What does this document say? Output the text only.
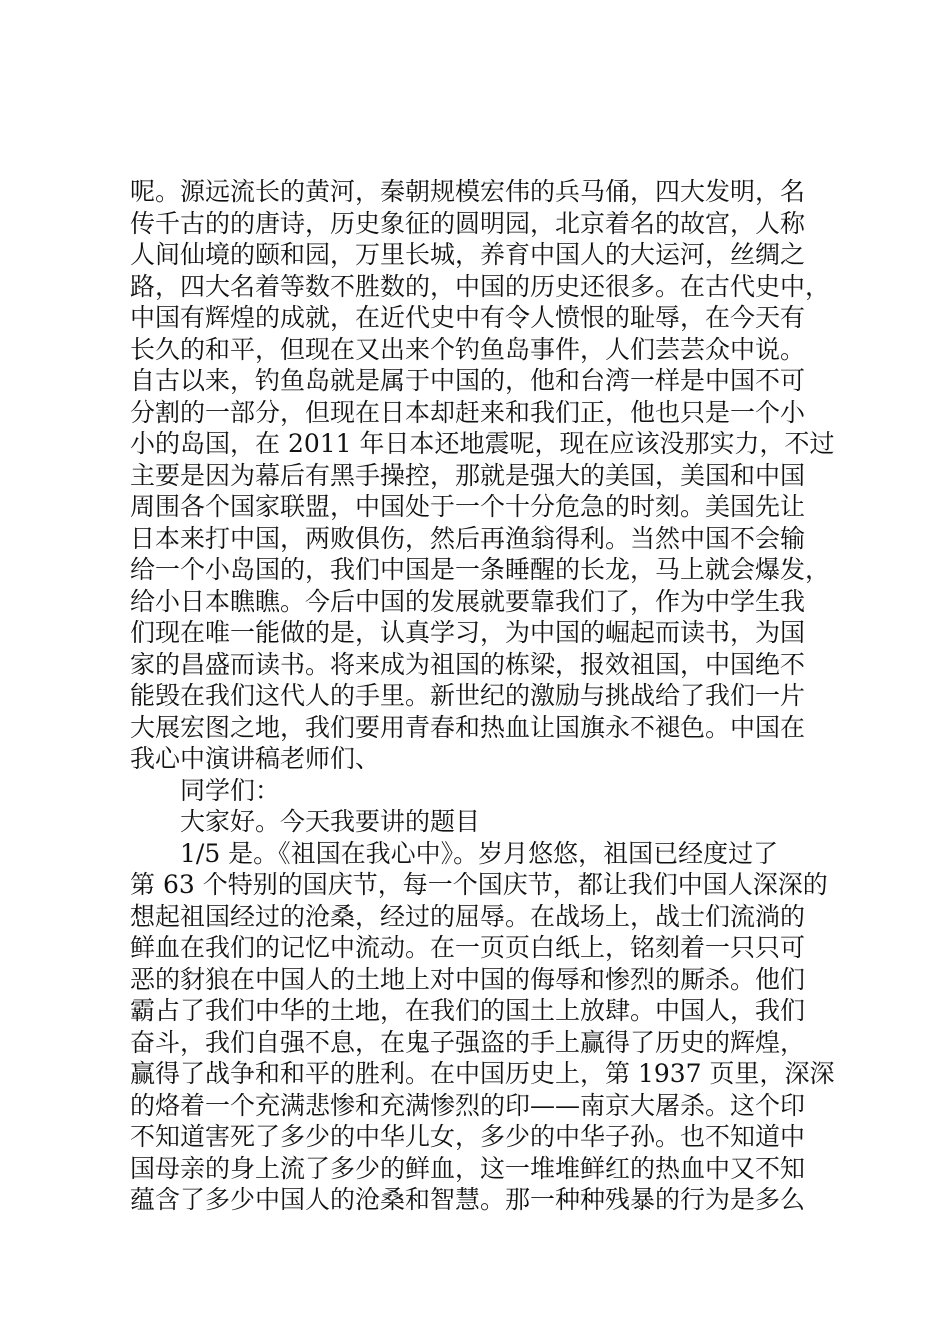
呢。源远流长的黄河，秦朝规模宏伟的兵马俑，四大发明，名
传千古的的唐诗，历史象征的圆明园，北京着名的故宫，人称
人间仙境的颐和园，万里长城，养育中国人的大运河，丝绸之
路，四大名着等数不胜数的，中国的历史还很多。在古代史中，
中国有辉煌的成就，在近代史中有令人愤恨的耻辱，在今天有
长久的和平，但现在又出来个钓鱼岛事件，人们芸芸众中说。
自古以来，钓鱼岛就是属于中国的，他和台湾一样是中国不可
分割的一部分，但现在日本却赶来和我们正，他也只是一个小
小的岛国，在 2011 年日本还地震呢，现在应该没那实力，不过
主要是因为幕后有黑手操控，那就是强大的美国，美国和中国
周围各个国家联盟，中国处于一个十分危急的时刻。美国先让
日本来打中国，两败俱伤，然后再渔翁得利。当然中国不会输
给一个小岛国的，我们中国是一条睡醒的长龙，马上就会爆发，
给小日本瞧瞧。今后中国的发展就要靠我们了，作为中学生我
们现在唯一能做的是，认真学习，为中国的崛起而读书，为国
家的昌盛而读书。将来成为祖国的栋梁，报效祖国，中国绝不
能毁在我们这代人的手里。新世纪的激励与挑战给了我们一片
大展宏图之地，我们要用青春和热血让国旗永不褪色。中国在
我心中演讲稿老师们、
同学们：
大家好。今天我要讲的题目
1/5 是。《祖国在我心中》。岁月悠悠，祖国已经度过了
第 63 个特别的国庆节，每一个国庆节，都让我们中国人深深的
想起祖国经过的沧桑，经过的屈辱。在战场上，战士们流淌的
鲜血在我们的记忆中流动。在一页页白纸上，铭刻着一只只可
恶的豺狼在中国人的土地上对中国的侮辱和惨烈的厮杀。他们
霸占了我们中华的土地，在我们的国土上放肆。中国人，我们
奋斗，我们自强不息，在鬼子强盗的手上赢得了历史的辉煌，
赢得了战争和和平的胜利。在中国历史上，第 1937 页里，深深
的烙着一个充满悲惨和充满惨烈的印——南京大屠杀。这个印
不知道害死了多少的中华儿女，多少的中华子孙。也不知道中
国母亲的身上流了多少的鲜血，这一堆堆鲜红的热血中又不知
蕴含了多少中国人的沧桑和智慧。那一种种残暴的行为是多么
